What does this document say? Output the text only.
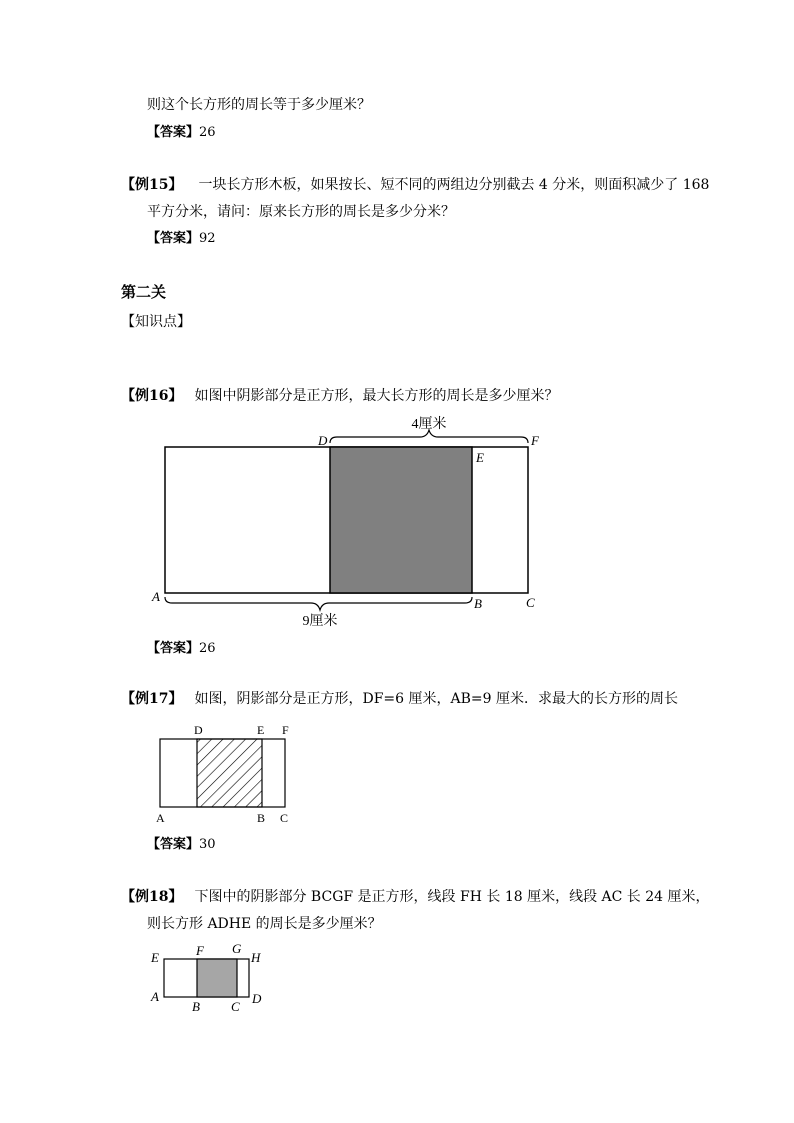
则这个长方形的周长等于多少厘米？
【答案】26
【例15】 一块长方形木板，如果按长、短不同的两组边分别截去 4 分米，则面积减少了 168
平方分米，请问：原来长方形的周长是多少分米？
【答案】92
第二关
【知识点】
【例16】 如图中阴影部分是正方形，最大长方形的周长是多少厘米？
4厘米
9厘米
D	F
E
A	B	C
D	E F
A	B C
E	F G
H
A
B C
D
【答案】26
【例17】 如图，阴影部分是正方形，DF=6 厘米，AB=9 厘米．求最大的长方形的周长
【答案】30
【例18】 下图中的阴影部分 BCGF 是正方形，线段 FH 长 18 厘米，线段 AC 长 24 厘米，
则长方形 ADHE 的周长是多少厘米？
